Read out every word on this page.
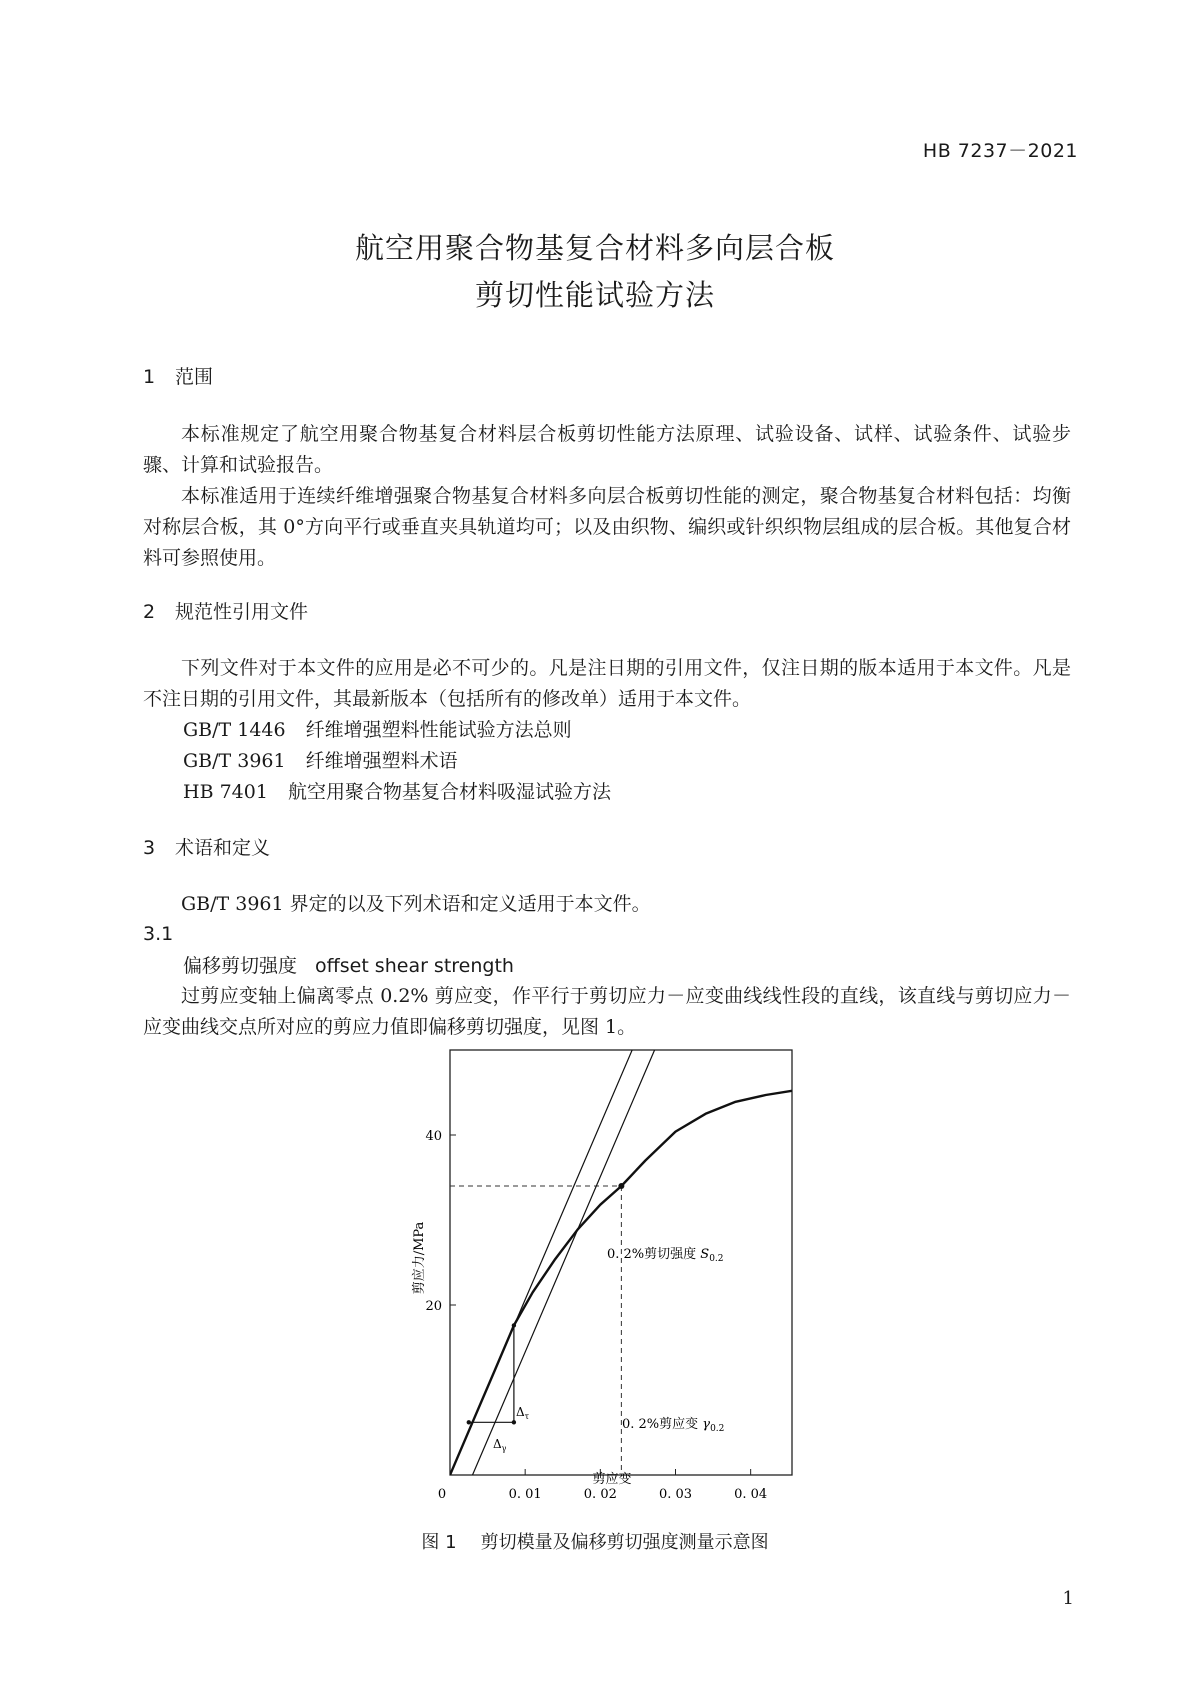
HB 7237－2021
航空用聚合物基复合材料多向层合板
剪切性能试验方法
1 范围

本标准规定了航空用聚合物基复合材料层合板剪切性能方法原理、试验设备、试样、试验条件、试验步骤、计算和试验报告。

本标准适用于连续纤维增强聚合物基复合材料多向层合板剪切性能的测定，聚合物基复合材料包括：均衡对称层合板，其 0°方向平行或垂直夹具轨道均可；以及由织物、编织或针织织物层组成的层合板。其他复合材料可参照使用。

2 规范性引用文件

下列文件对于本文件的应用是必不可少的。凡是注日期的引用文件，仅注日期的版本适用于本文件。凡是不注日期的引用文件，其最新版本（包括所有的修改单）适用于本文件。

GB/T 1446 纤维增强塑料性能试验方法总则
GB/T 3961 纤维增强塑料术语
HB 7401 航空用聚合物基复合材料吸湿试验方法
3 术语和定义

GB/T 3961 界定的以及下列术语和定义适用于本文件。

3.1
偏移剪切强度 offset shear strength

过剪应变轴上偏离零点 0.2% 剪应变，作平行于剪切应力－应变曲线线性段的直线，该直线与剪切应力－应变曲线交点所对应的剪应力值即偏移剪切强度，见图 1。

0	0. 01	0. 02	0. 03	0. 04
20
40
剪应力/MPa
剪应变
0. 2%剪切强度 $S_{0.2}$
0. 2%剪应变 $\gamma_{0.2}$
$\Delta_\tau$
$\Delta_\gamma$
图 1 剪切模量及偏移剪切强度测量示意图
1
